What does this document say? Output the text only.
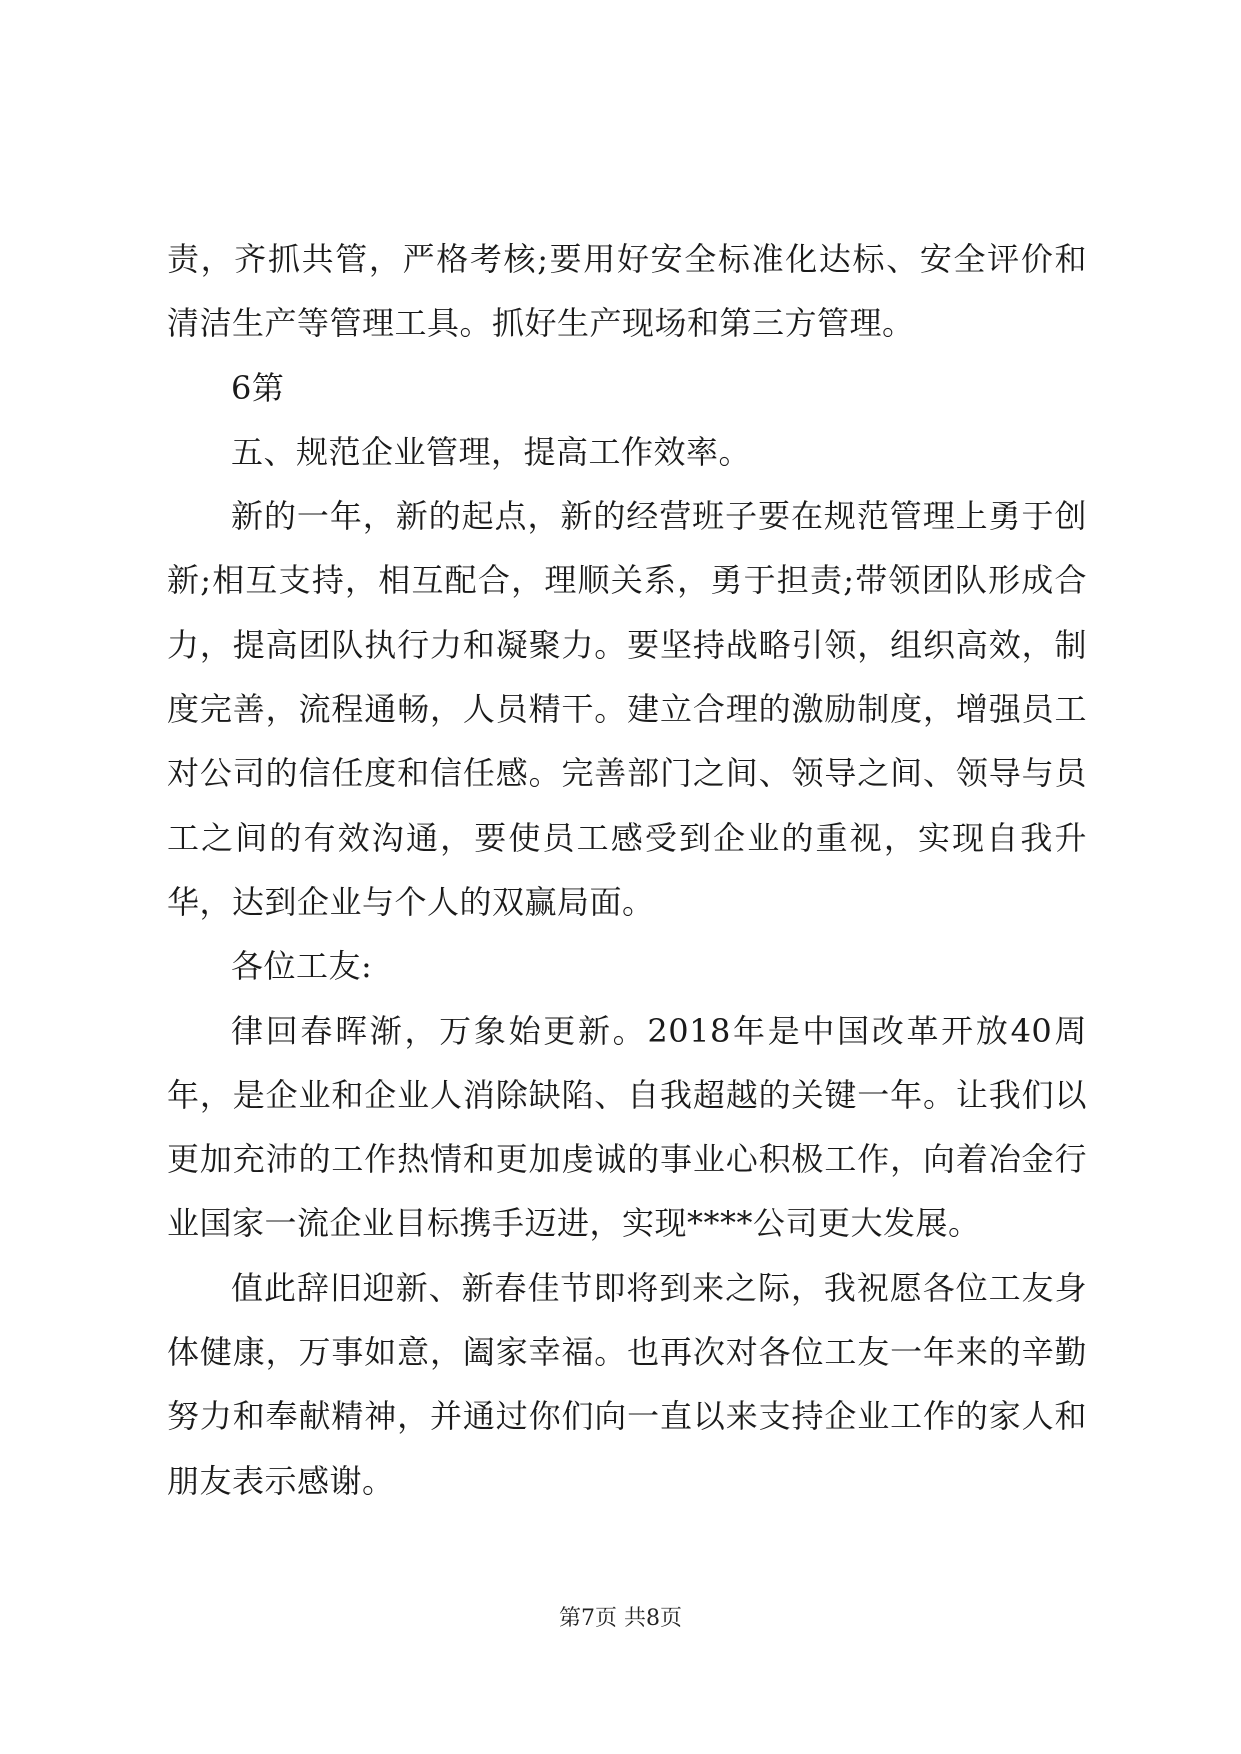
责，齐抓共管，严格考核;要用好安全标准化达标、安全评价和清洁生产等管理工具。抓好生产现场和第三方管理。

6第

五、规范企业管理，提高工作效率。

新的一年，新的起点，新的经营班子要在规范管理上勇于创新;相互支持，相互配合，理顺关系，勇于担责;带领团队形成合力，提高团队执行力和凝聚力。要坚持战略引领，组织高效，制度完善，流程通畅，人员精干。建立合理的激励制度，增强员工对公司的信任度和信任感。完善部门之间、领导之间、领导与员工之间的有效沟通，要使员工感受到企业的重视，实现自我升华，达到企业与个人的双赢局面。

各位工友:

律回春晖渐，万象始更新。2018年是中国改革开放40周年，是企业和企业人消除缺陷、自我超越的关键一年。让我们以更加充沛的工作热情和更加虔诚的事业心积极工作，向着冶金行业国家一流企业目标携手迈进，实现****公司更大发展。

值此辞旧迎新、新春佳节即将到来之际，我祝愿各位工友身体健康，万事如意，阖家幸福。也再次对各位工友一年来的辛勤努力和奉献精神，并通过你们向一直以来支持企业工作的家人和朋友表示感谢。

第7页 共8页
